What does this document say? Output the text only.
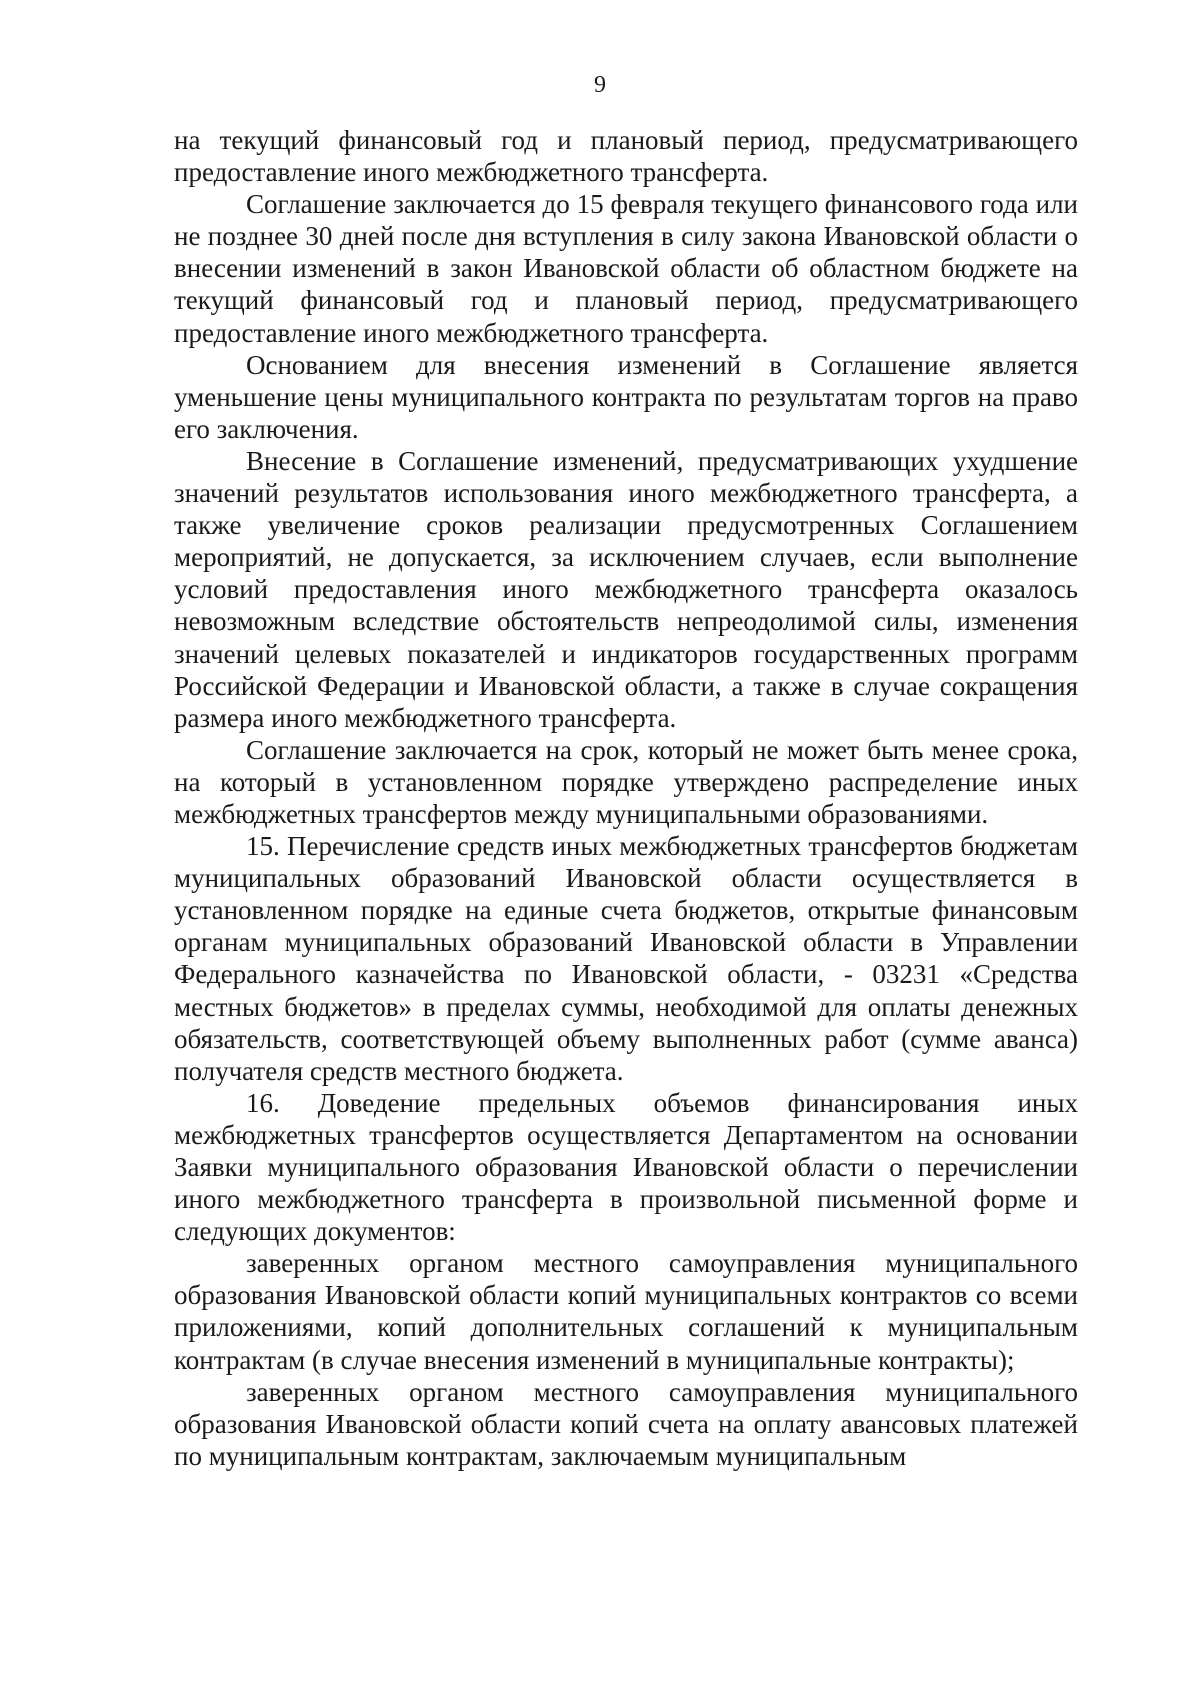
9

на текущий финансовый год и плановый период, предусматривающего предоставление иного межбюджетного трансферта.

Соглашение заключается до 15 февраля текущего финансового года или не позднее 30 дней после дня вступления в силу закона Ивановской области о внесении изменений в закон Ивановской области об областном бюджете на текущий финансовый год и плановый период, предусматривающего предоставление иного межбюджетного трансферта.

Основанием для внесения изменений в Соглашение является уменьшение цены муниципального контракта по результатам торгов на право его заключения.

Внесение в Соглашение изменений, предусматривающих ухудшение значений результатов использования иного межбюджетного трансферта, а также увеличение сроков реализации предусмотренных Соглашением мероприятий, не допускается, за исключением случаев, если выполнение условий предоставления иного межбюджетного трансферта оказалось невозможным вследствие обстоятельств непреодолимой силы, изменения значений целевых показателей и индикаторов государственных программ Российской Федерации и Ивановской области, а также в случае сокращения размера иного межбюджетного трансферта.

Соглашение заключается на срок, который не может быть менее срока, на который в установленном порядке утверждено распределение иных межбюджетных трансфертов между муниципальными образованиями.

15. Перечисление средств иных межбюджетных трансфертов бюджетам муниципальных образований Ивановской области осуществляется в установленном порядке на единые счета бюджетов, открытые финансовым органам муниципальных образований Ивановской области в Управлении Федерального казначейства по Ивановской области, - 03231 «Средства местных бюджетов» в пределах суммы, необходимой для оплаты денежных обязательств, соответствующей объему выполненных работ (сумме аванса) получателя средств местного бюджета.

16. Доведение предельных объемов финансирования иных межбюджетных трансфертов осуществляется Департаментом на основании Заявки муниципального образования Ивановской области о перечислении иного межбюджетного трансферта в произвольной письменной форме и следующих документов:

заверенных органом местного самоуправления муниципального образования Ивановской области копий муниципальных контрактов со всеми приложениями, копий дополнительных соглашений к муниципальным контрактам (в случае внесения изменений в муниципальные контракты);

заверенных органом местного самоуправления муниципального образования Ивановской области копий счета на оплату авансовых платежей по муниципальным контрактам, заключаемым муниципальным
